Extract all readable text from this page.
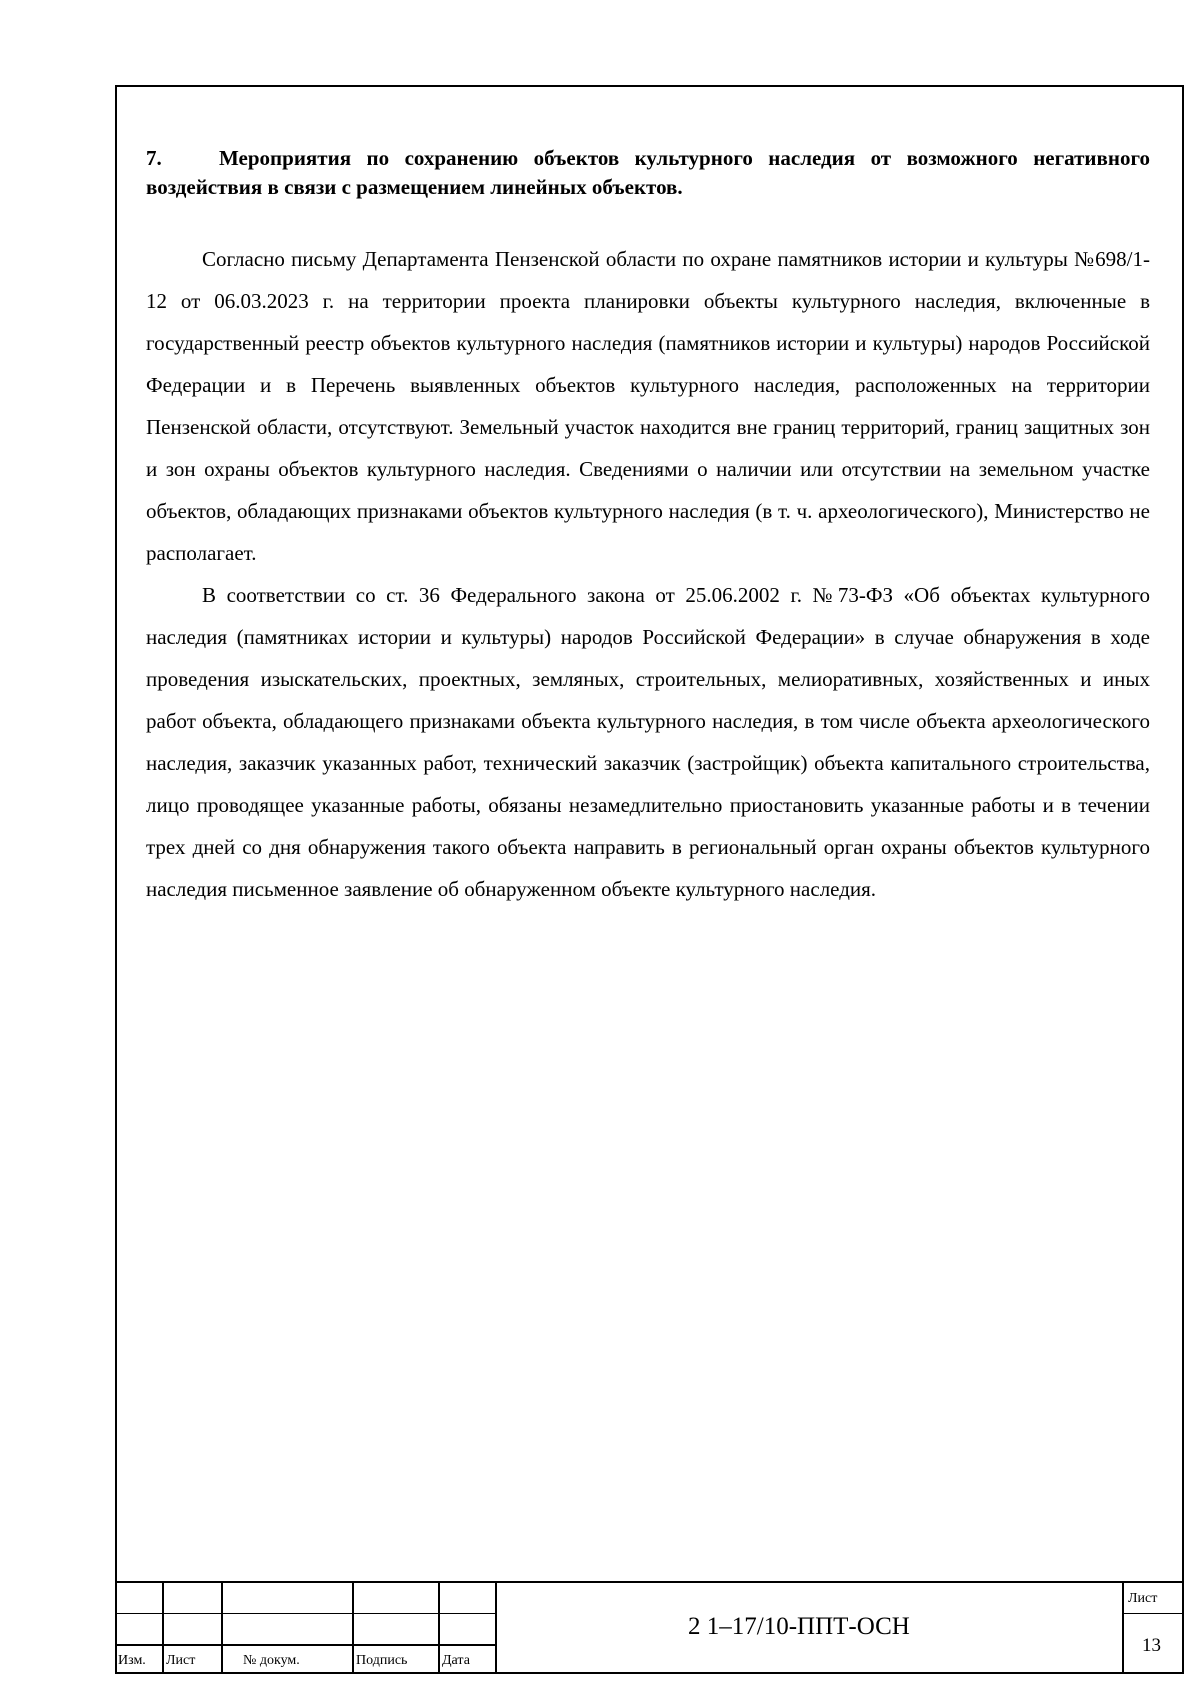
7.	Мероприятия по сохранению объектов культурного наследия от возможного негативного воздействия в связи с размещением линейных объектов.

Согласно письму Департамента Пензенской области по охране памятников истории и культуры №698/1-12 от 06.03.2023 г. на территории проекта планировки объекты культурного наследия, включенные в государственный реестр объектов культурного наследия (памятников истории и культуры) народов Российской Федерации и в Перечень выявленных объектов культурного наследия, расположенных на территории Пензенской области, отсутствуют. Земельный участок находится вне границ территорий, границ защитных зон и зон охраны объектов культурного наследия. Сведениями о наличии или отсутствии на земельном участке объектов, обладающих признаками объектов культурного наследия (в т. ч. археологического), Министерство не располагает.

В соответствии со ст. 36 Федерального закона от 25.06.2002 г. №73-ФЗ «Об объектах культурного наследия (памятниках истории и культуры) народов Российской Федерации» в случае обнаружения в ходе проведения изыскательских, проектных, земляных, строительных, мелиоративных, хозяйственных и иных работ объекта, обладающего признаками объекта культурного наследия, в том числе объекта археологического наследия, заказчик указанных работ, технический заказчик (застройщик) объекта капитального строительства, лицо проводящее указанные работы, обязаны незамедлительно приостановить указанные работы и в течении трех дней со дня обнаружения такого объекта направить в региональный орган охраны объектов культурного наследия письменное заявление об обнаруженном объекте культурного наследия.

Изм. Лист	№ докум.	Подпись Дата
2 1–17/10-ППТ-ОСН
Лист
13
